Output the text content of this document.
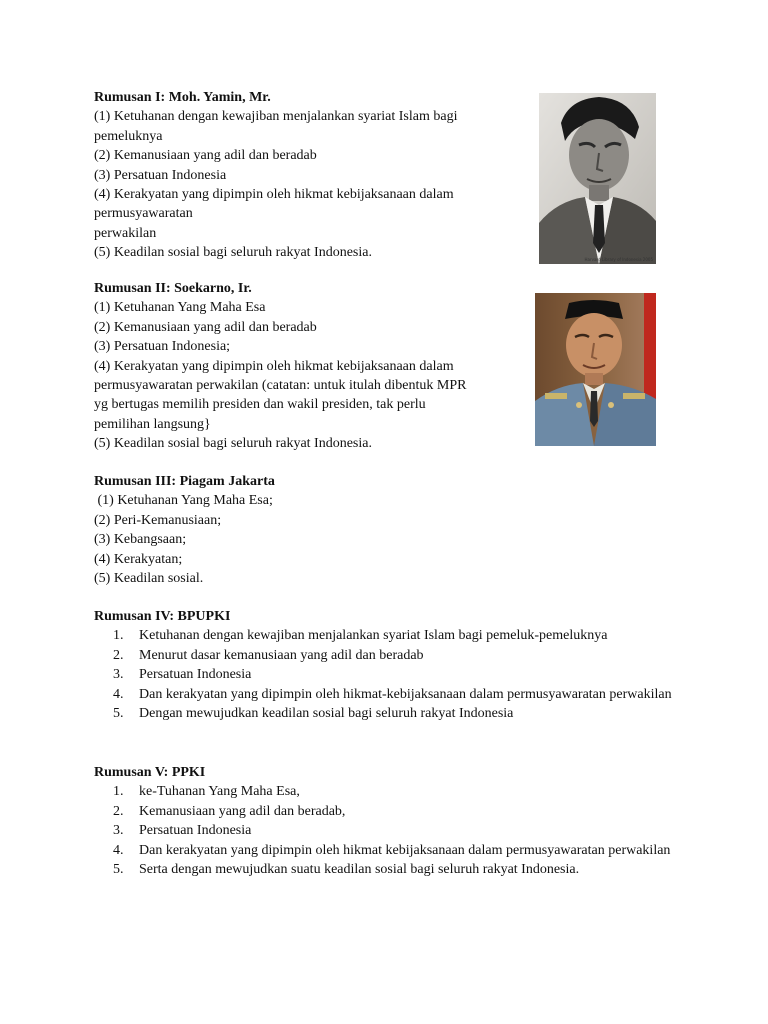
Rumusan I: Moh. Yamin, Mr.
(1) Ketuhanan dengan kewajiban menjalankan syariat Islam bagi
pemeluknya
(2) Kemanusiaan yang adil dan beradab
(3) Persatuan Indonesia
(4) Kerakyatan yang dipimpin oleh hikmat kebijaksanaan dalam
permusyawaratan
perwakilan
(5) Keadilan sosial bagi seluruh rakyat Indonesia.
Rumusan II: Soekarno, Ir.
(1) Ketuhanan Yang Maha Esa
(2) Kemanusiaan yang adil dan beradab
(3) Persatuan Indonesia;
(4) Kerakyatan yang dipimpin oleh hikmat kebijaksanaan dalam
permusyawaratan perwakilan (catatan: untuk itulah dibentuk MPR
yg bertugas memilih presiden dan wakil presiden, tak perlu
pemilihan langsung}
(5) Keadilan sosial bagi seluruh rakyat Indonesia.
Rumusan III: Piagam Jakarta
(1) Ketuhanan Yang Maha Esa;
(2) Peri-Kemanusiaan;
(3) Kebangsaan;
(4) Kerakyatan;
(5) Keadilan sosial.
Rumusan IV: BPUPKI
1. Ketuhanan dengan kewajiban menjalankan syariat Islam bagi pemeluk-pemeluknya
2. Menurut dasar kemanusiaan yang adil dan beradab
3. Persatuan Indonesia
4. Dan kerakyatan yang dipimpin oleh hikmat-kebijaksanaan dalam permusyawaratan perwakilan
5. Dengan mewujudkan keadilan sosial bagi seluruh rakyat Indonesia
Rumusan V: PPKI
1. ke-Tuhanan Yang Maha Esa,
2. Kemanusiaan yang adil dan beradab,
3. Persatuan Indonesia
4. Dan kerakyatan yang dipimpin oleh hikmat kebijaksanaan dalam permusyawaratan perwakilan
5. Serta dengan mewujudkan suatu keadilan sosial bagi seluruh rakyat Indonesia.
Harvard Library of Indonesia 2005
